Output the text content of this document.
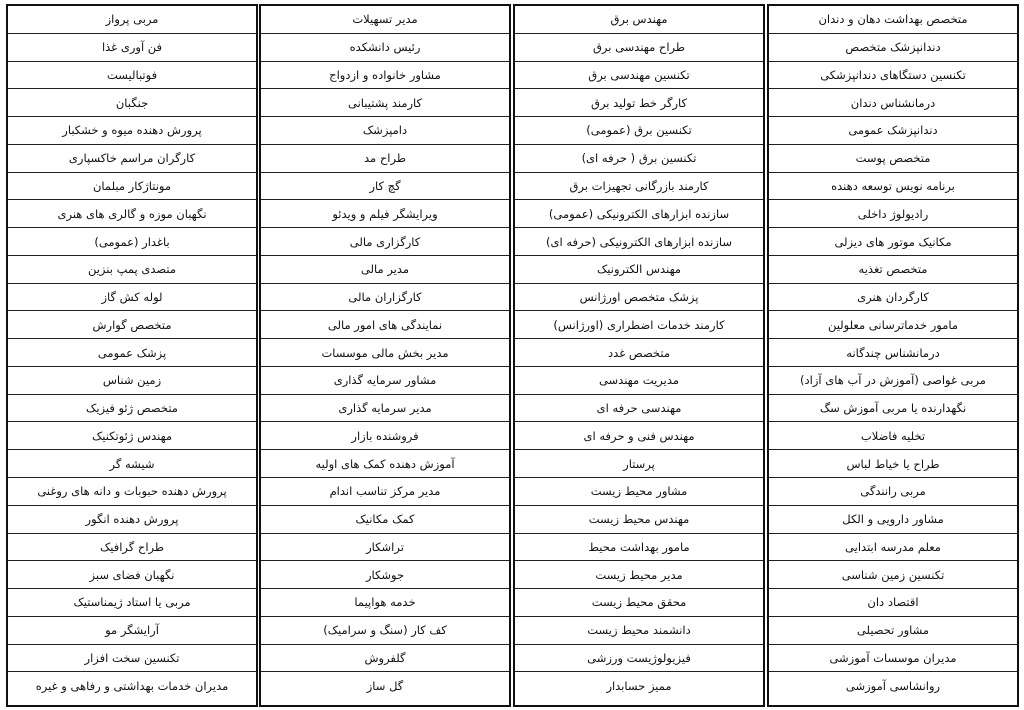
مربی پرواز
فن آوری غذا
فوتبالیست
جنگبان
پرورش دهنده میوه و خشکبار
کارگران مراسم خاکسپاری
مونتاژکار مبلمان
نگهبان موزه و گالری های هنری
باغدار (عمومی)
متصدی پمپ بنزین
لوله کش گاز
متخصص گوارش
پزشک عمومی
زمین شناس
متخصص ژئو فیزیک
مهندس ژئوتکنیک
شیشه گر
پرورش دهنده حبوبات و دانه های روغنی
پرورش دهنده انگور
طراح گرافیک
نگهبان فضای سبز
مربی یا استاد ژیمناستیک
آرایشگر مو
تکنسین سخت افزار
مدیران خدمات بهداشتی و رفاهی و غیره
مدیر تسهیلات
رئیس دانشکده
مشاور خانواده و ازدواج
کارمند پشتیبانی
دامپزشک
طراح مد
گچ کار
ویرایشگر فیلم و ویدئو
کارگزاری مالی
مدیر مالی
کارگزاران مالی
نمایندگی های امور مالی
مدیر بخش مالی موسسات
مشاور سرمایه گذاری
مدیر سرمایه گذاری
فروشنده بازار
آموزش دهنده کمک های اولیه
مدیر مرکز تناسب اندام
کمک مکانیک
تراشکار
جوشکار
خدمه هواپیما
کف کار (سنگ و سرامیک)
گلفروش
گل ساز
مهندس برق
طراح مهندسی برق
تکنسین مهندسی برق
کارگر خط تولید برق
تکنسین برق (عمومی)
تکنسین برق ( حرفه ای)
کارمند بازرگانی تجهیزات برق
سازنده ابزارهای الکترونیکی (عمومی)
سازنده ابزارهای الکترونیکی (حرفه ای)
مهندس الکترونیک
پزشک متخصص اورژانس
کارمند خدمات اضطراری (اورژانس)
متخصص غدد
مدیریت مهندسی
مهندسی حرفه ای
مهندس فنی و حرفه ای
پرستار
مشاور محیط زیست
مهندس محیط زیست
مامور بهداشت محیط
مدیر محیط زیست
محقق محیط زیست
دانشمند محیط زیست
فیزیولوژیست ورزشی
ممیز حسابدار
متخصص بهداشت دهان و دندان
دندانپزشک متخصص
تکنسین دستگاهای دندانپزشکی
درمانشناس دندان
دندانپزشک عمومی
متخصص پوست
برنامه نویس توسعه دهنده
رادیولوژ داخلی
مکانیک موتور های دیزلی
متخصص تغذیه
کارگردان هنری
مامور خدماترسانی معلولین
درمانشناس چندگانه
مربی غواصی (آموزش در آب های آزاد)
نگهدارنده یا مربی آموزش سگ
تخلیه فاضلاب
طراح یا خیاط لباس
مربی رانندگی
مشاور دارویی و الکل
معلم مدرسه ابتدایی
تکنسین زمین شناسی
اقتصاد دان
مشاور تحصیلی
مدیران موسسات آموزشی
روانشاسی آموزشی
